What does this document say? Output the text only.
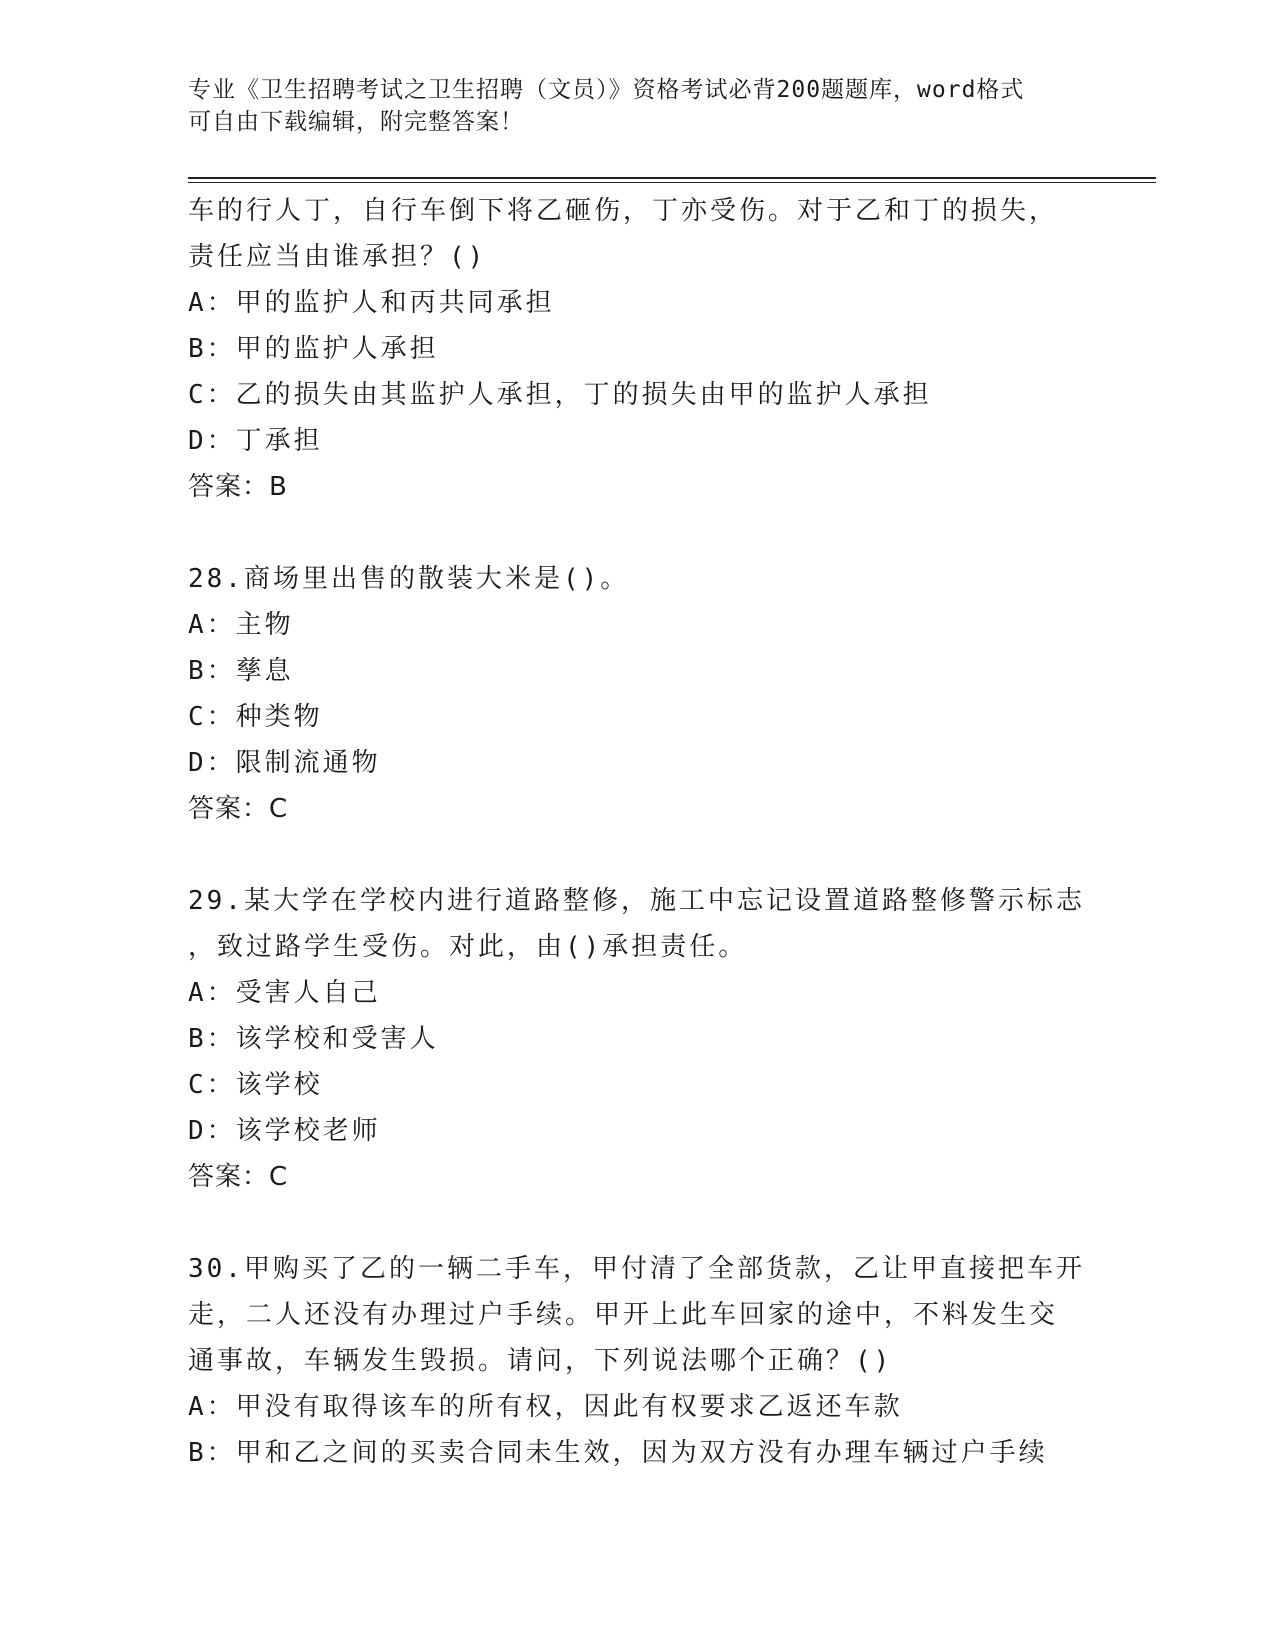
专业《卫生招聘考试之卫生招聘（文员）》资格考试必背200题题库，word格式
可自由下载编辑，附完整答案！
车的行人丁，自行车倒下将乙砸伤，丁亦受伤。对于乙和丁的损失，
责任应当由谁承担？()
A：甲的监护人和丙共同承担
B：甲的监护人承担
C：乙的损失由其监护人承担，丁的损失由甲的监护人承担
D：丁承担
答案：B
28.商场里出售的散装大米是()。
A：主物
B：孳息
C：种类物
D：限制流通物
答案：C
29.某大学在学校内进行道路整修，施工中忘记设置道路整修警示标志
，致过路学生受伤。对此，由()承担责任。
A：受害人自己
B：该学校和受害人
C：该学校
D：该学校老师
答案：C
30.甲购买了乙的一辆二手车，甲付清了全部货款，乙让甲直接把车开
走，二人还没有办理过户手续。甲开上此车回家的途中，不料发生交
通事故，车辆发生毁损。请问，下列说法哪个正确？()
A：甲没有取得该车的所有权，因此有权要求乙返还车款
B：甲和乙之间的买卖合同未生效，因为双方没有办理车辆过户手续
